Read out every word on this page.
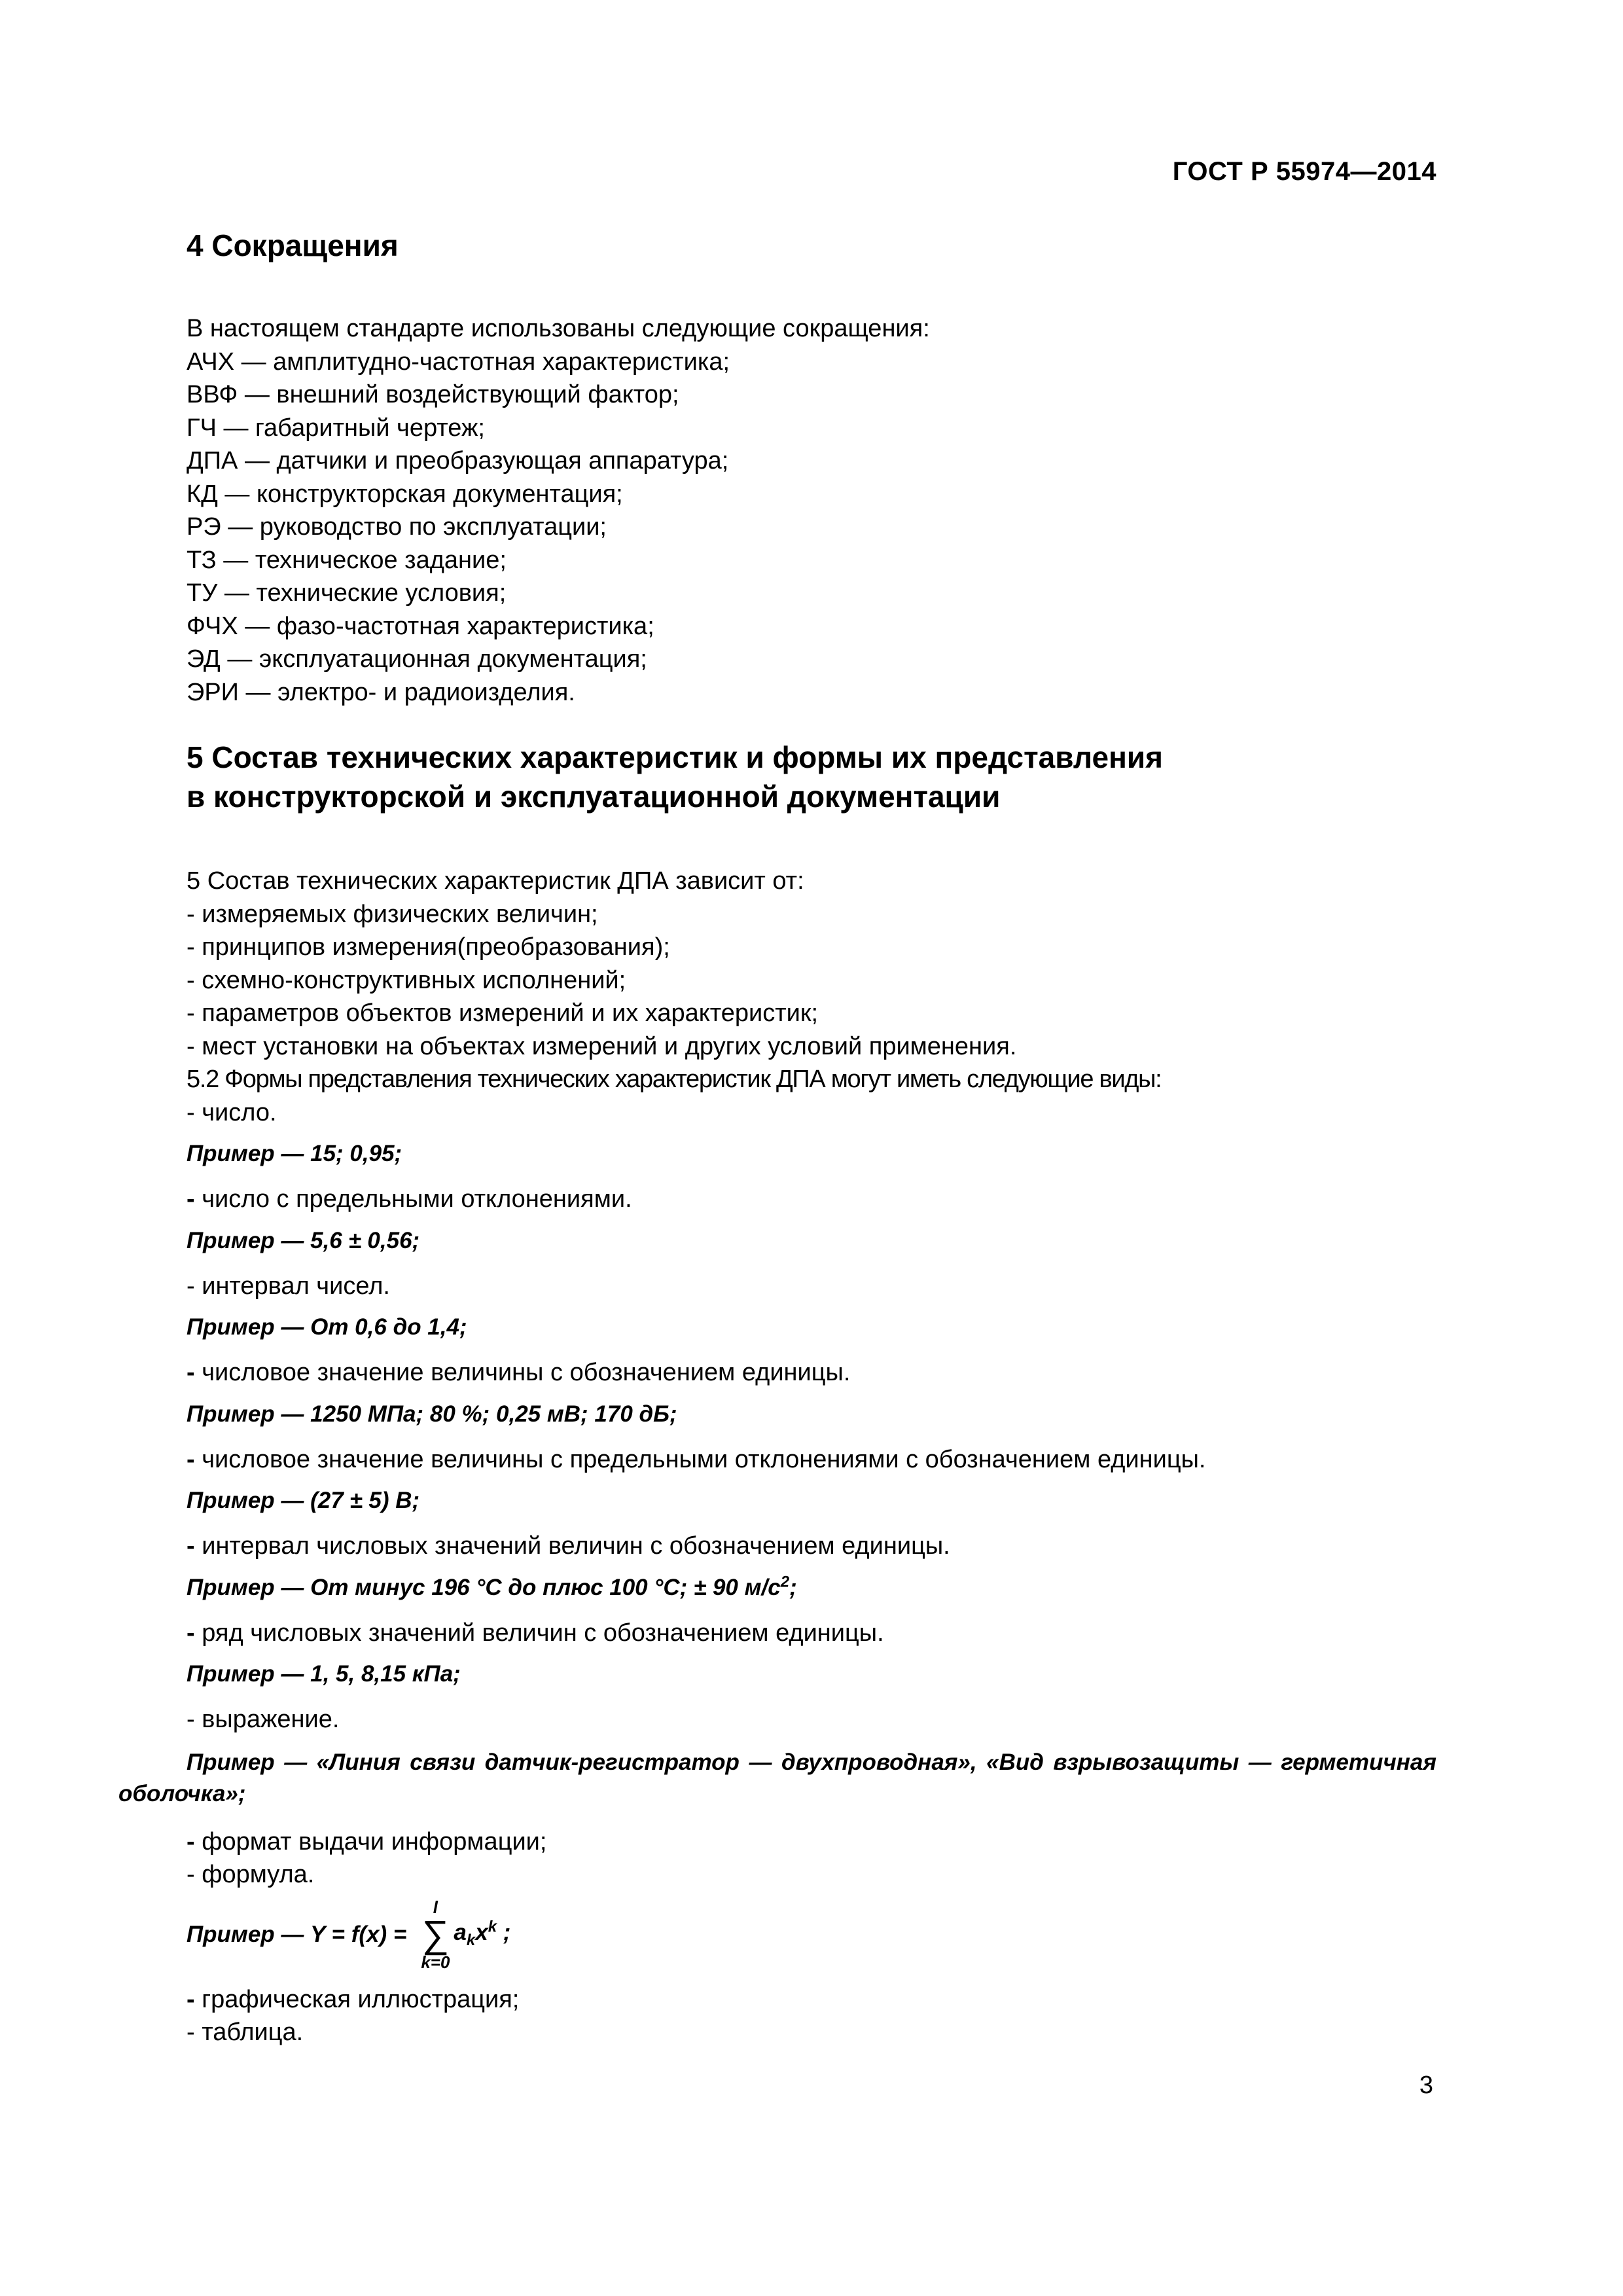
ГОСТ Р 55974—2014
4 Сокращения
В настоящем стандарте использованы следующие сокращения:
АЧХ — амплитудно-частотная характеристика;
ВВФ — внешний воздействующий фактор;
ГЧ — габаритный чертеж;
ДПА — датчики и преобразующая аппаратура;
КД — конструкторская документация;
РЭ — руководство по эксплуатации;
ТЗ — техническое задание;
ТУ — технические условия;
ФЧХ — фазо-частотная характеристика;
ЭД — эксплуатационная документация;
ЭРИ — электро- и радиоизделия.
5 Состав технических характеристик и формы их представления
в конструкторской и эксплуатационной документации
5 Состав технических характеристик ДПА зависит от:
- измеряемых физических величин;
- принципов измерения(преобразования);
- схемно-конструктивных исполнений;
- параметров объектов измерений и их характеристик;
- мест установки на объектах измерений и других условий применения.
5.2 Формы представления технических характеристик ДПА могут иметь следующие виды:
- число.
Пример — 15; 0,95;
- число с предельными отклонениями.
Пример — 5,6 ± 0,56;
- интервал чисел.
Пример — От 0,6 до 1,4;
- числовое значение величины с обозначением единицы.
Пример — 1250 МПа; 80 %; 0,25 мВ; 170 дБ;
- числовое значение величины с предельными отклонениями с обозначением единицы.
Пример — (27 ± 5) В;
- интервал числовых значений величин с обозначением единицы.
Пример — От минус 196 °С до плюс 100 °С; ± 90 $м/с^2$;
- ряд числовых значений величин с обозначением единицы.
Пример — 1, 5, 8,15 кПа;
- выражение.
Пример — «Линия связи датчик-регистратор — двухпроводная», «Вид взрывозащиты — герметичная оболочка»;
- формат выдачи информации;
- формула.
Пример — Y = f(x) =
l
∑
k=0
$a_kx^k$ ;
- графическая иллюстрация;
- таблица.
3
